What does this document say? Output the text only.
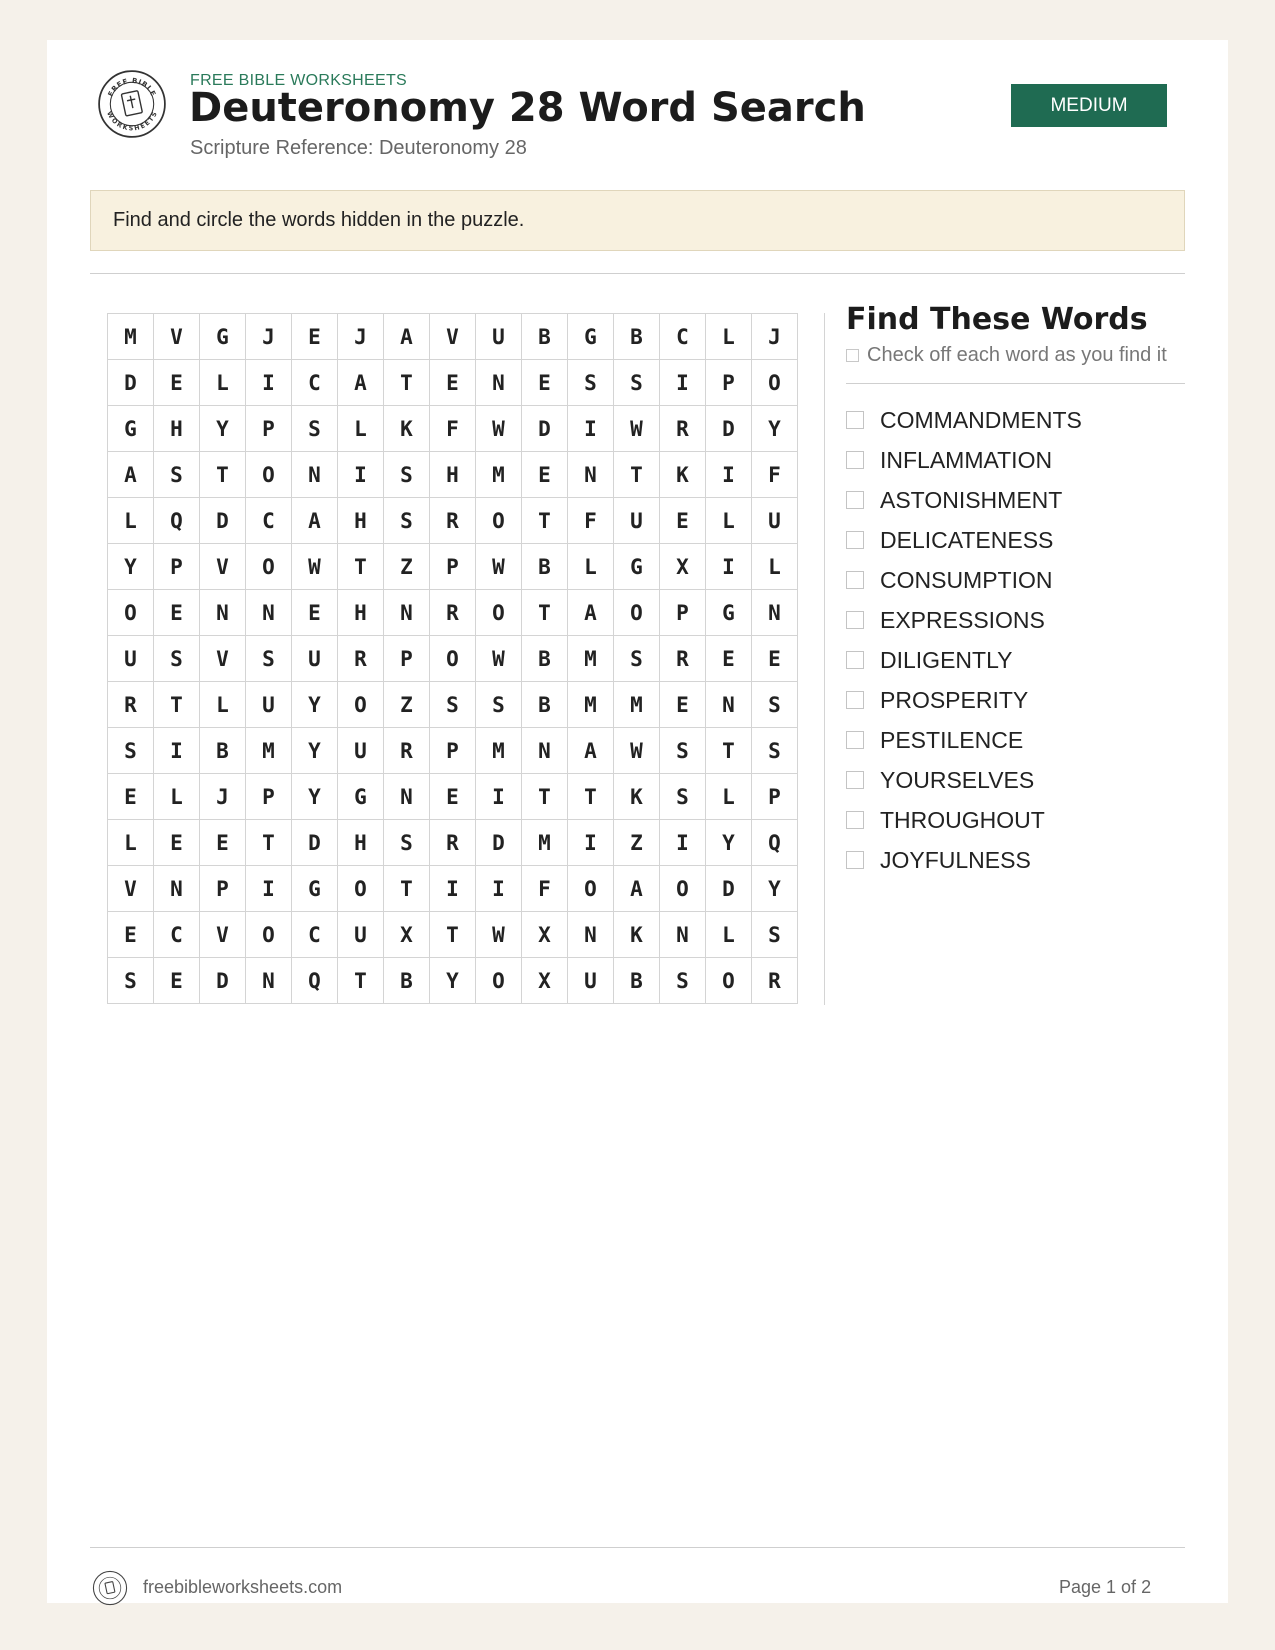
FREE BIBLE
WORKSHEETS
FREE BIBLE WORKSHEETS
Deuteronomy 28 Word Search
Scripture Reference: Deuteronomy 28
MEDIUM
Find and circle the words hidden in the puzzle.
M	V	G	J	E	J	A	V	U	B	G	B	C	L	J
D	E	L	I	C	A	T	E	N	E	S	S	I	P	O
G	H	Y	P	S	L	K	F	W	D	I	W	R	D	Y
A	S	T	O	N	I	S	H	M	E	N	T	K	I	F
L	Q	D	C	A	H	S	R	O	T	F	U	E	L	U
Y	P	V	O	W	T	Z	P	W	B	L	G	X	I	L
O	E	N	N	E	H	N	R	O	T	A	O	P	G	N
U	S	V	S	U	R	P	O	W	B	M	S	R	E	E
R	T	L	U	Y	O	Z	S	S	B	M	M	E	N	S
S	I	B	M	Y	U	R	P	M	N	A	W	S	T	S
E	L	J	P	Y	G	N	E	I	T	T	K	S	L	P
L	E	E	T	D	H	S	R	D	M	I	Z	I	Y	Q
V	N	P	I	G	O	T	I	I	F	O	A	O	D	Y
E	C	V	O	C	U	X	T	W	X	N	K	N	L	S
S	E	D	N	Q	T	B	Y	O	X	U	B	S	O	R
Find These Words
Check off each word as you find it
COMMANDMENTS
INFLAMMATION
ASTONISHMENT
DELICATENESS
CONSUMPTION
EXPRESSIONS
DILIGENTLY
PROSPERITY
PESTILENCE
YOURSELVES
THROUGHOUT
JOYFULNESS
freebibleworksheets.com	Page 1 of 2
